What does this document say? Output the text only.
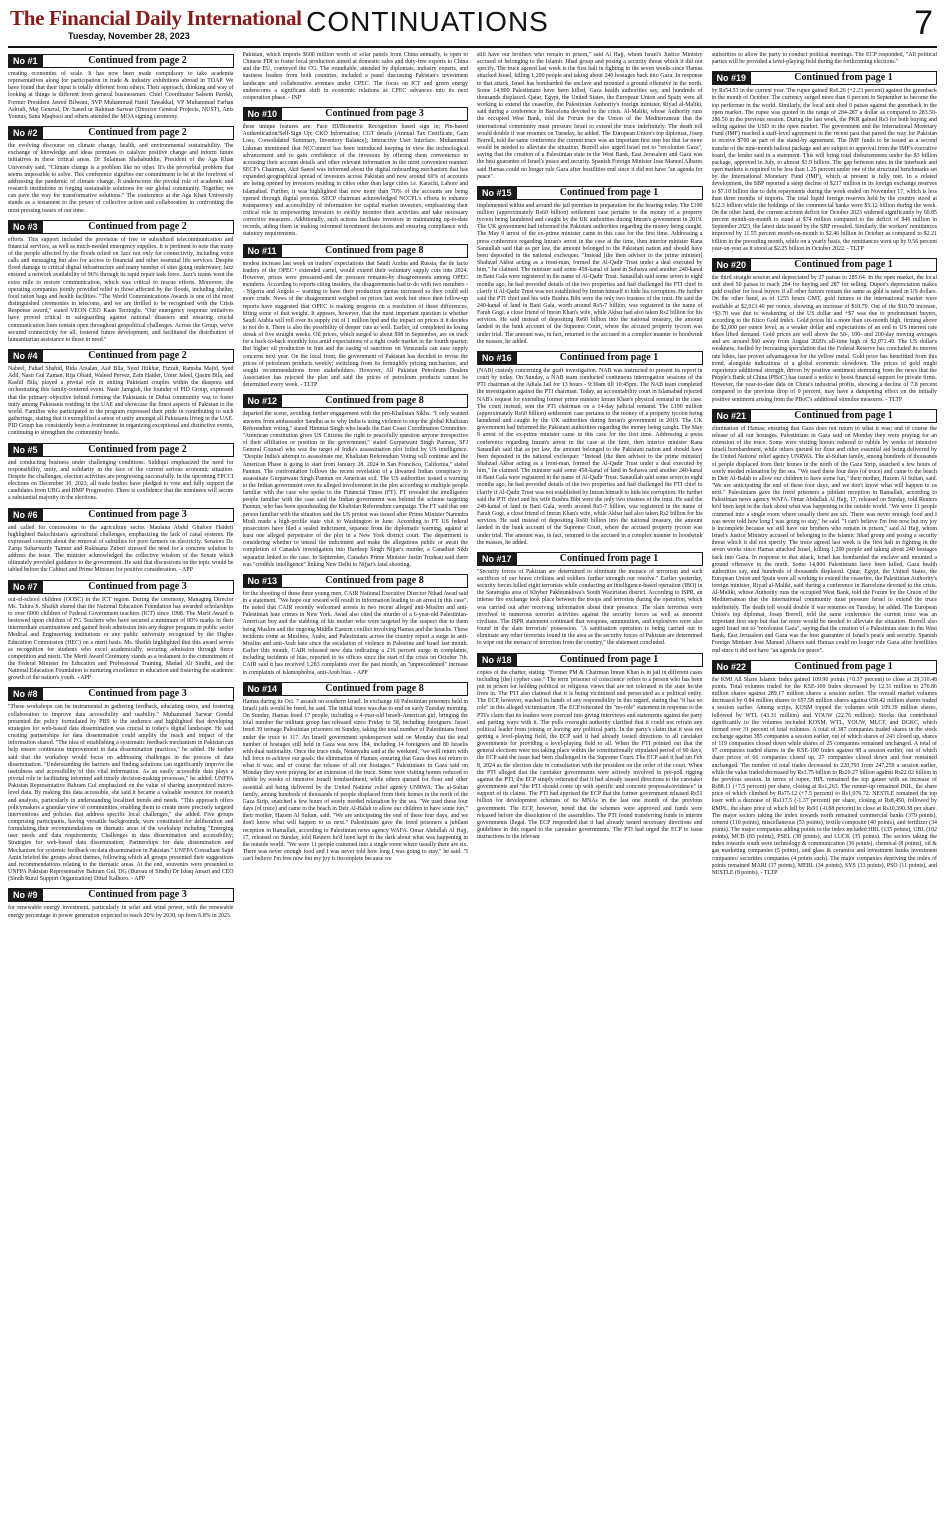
The Financial Daily International
Tuesday, November 28, 2023	CONTINUATIONS	7
No #1	Continued from page 2

creating economies of scale. It has now been made compulsory to take academia representatives along for participation in trade & industry exhibitions abroad in TDAP. We have found that their input is totally different from others. Their approach, thinking and way of looking at things is different from general businessmen. Chief Coordinator Saleem Parekh, Former President Jawed Bilwani, SVP Muhammad Hanif Tawakkal, VP Muhammad Farhan Ashrafi, Maj General, Dr. Saeed ur Rahman Sarwar (Director General Projects, NUST), Anis Younus, Sana Maqbool and others attended the MOA signing ceremony.

No #2	Continued from page 2

the evolving discourse on climate change, health, and environmental sustainability. The exchange of knowledge and ideas promises to catalyze positive change and inform future initiatives in these critical areas. Dr Sulaiman Shahabuddin, President of the Aga Khan University said, "Climate change is a problem like no other. It's the proverbial problem that seems impossible to solve. This conference signifies our commitment to be at the forefront of addressing the pandemic of climate change. It underscores the pivotal role of academic and research institutions in forging sustainable solutions for our global community. Together, we can pave the way for transformative solutions." The conference at the Aga Khan University stands as a testament to the power of collective action and collaboration in confronting the most pressing issues of our time.

No #3	Continued from page 2

efforts. This support included the provision of free or subsidized telecommunication and financial services, as well as much-needed emergency supplies. It is pertinent to note that many of the people affected by the floods relied on Jazz not only for connectivity, including voice calls and messaging but also for access to financial and other essential life services. Despite flood damage to critical digital infrastructure and many number of sites going underwater, Jazz ensured a network availability of 96% through its rapid repair task force. Jazz's teams went the extra mile to restore communication, which was critical to rescue efforts. Moreover, the operating companies jointly provided relief to those affected by the floods, including shelter, food ration bags and health facilities. "The World Communications Awards is one of the most distinguished ceremonies in telecoms, and we are thrilled to be recognised with the Crisis Response award," stated VEON CEO Kaan Terzioglu. "Our emergency response initiatives have proved critical in safeguarding against national disasters and ensuring crucial communication lines remain open throughout geopolitical challenges. Across the Group, we've secured connectivity for all, fostered future development, and facilitated the distribution of humanitarian assistance to those in need."

No #4	Continued from page 2

Nabeel, Fahad Shahid, Rida Arsalan, Asif Bila, Syed Iftikhar, Fizzah, Ramsha Majid, Syed Adil, Nasir Gul Zaman, Rija Obaid, Waleed Pervez, Zain Haider, Umer Jaleel, Qasim Bila, and Kashif Bila, played a pivotal role in uniting Pakistani couples within the diaspora and orchestrating this family-centered event. Nasir Jamgish, the founder of PID Group, expressed that the primary objective behind forming the Pakistanis in Dubai community was to foster unity among Pakistanis residing in the UAE and showcase the finest aspects of Pakistan to the world. Families who participated in the program expressed their pride in contributing to such gatherings, stating that it exemplified a sense of unity amongst all Pakistanis living in the UAE. PID Group has consistently been a frontrunner in organizing exceptional and distinctive events, continuing to strengthen the community bonds.

No #5	Continued from page 2

and conducting business under challenging conditions. Siddiqui emphasized the need for responsibility, unity, and solidarity in the face of the current serious economic situation. Despite the challenges, election activities are progressing successfully. In the upcoming FPCCI elections on December 30, 2023, all trade bodies have pledged to vote and fully support the candidates from UBG and BMP Progressive. There is confidence that the nominees will secure a substantial majority in the elections.

No #6	Continued from page 3

and called for concessions to the agriculture sector. Maulana Abdul Ghafoor Haideri highlighted Balochistan's agricultural challenges, emphasizing the lack of canal systems. He expressed concern about the removal of subsidies for poor farmers on electricity. Senators Dr. Zarqa Suharwardy Taimur and Rukhsana Zuberi stressed the need for a concrete solution to address the issue. The minister acknowledged the collective wisdom of the Senate which ultimately provided guidance to the government. He said that discussions on the topic would be tabled before the Cabinet and Prime Minister for positive consideration. - APP

No #7	Continued from page 3

out-of-school children (OOSC) in the ICT region. During the ceremony, Managing Director Ms. Tahira S. Shaikh shared that the National Education Foundation has awarded scholarships to over 6000 children of Federal Government teachers (ICT) since 1998. The Merit Award is bestowed upon children of FG Teachers who have secured a minimum of 80% marks in their intermediate examinations and gained fresh admission into any degree program in public sector Medical and Engineering institutions or any public university recognized by the Higher Education Commission (HEC) on a merit basis. Ms. Shaikh highlighted that this award serves as recognition for students who excel academically, securing admission through fierce competition and merit. The Merit Award Ceremony stands as a testament to the commitment of the Federal Minister for Education and Professional Training, Madad Ali Sindhi, and the National Education Foundation to nurturing excellence in education and fostering the academic growth of the nation's youth. - APP

No #8	Continued from page 3

"These workshops can be instrumental in gathering feedback, educating users, and fostering collaboration to improve data accessibility and usability." Muhammad Sarwar Gondal presented the policy formulated by PBS to the audience and highlighted that developing strategies for web-based data dissemination was crucial in today's digital landscape. He said creating partnerships for data dissemination could amplify the reach and impact of the information shared. "The idea of establishing a systematic feedback mechanism in Pakistan can help ensure continuous improvement in data dissemination practices," he added. He further said that the workshop would focus on addressing challenges in the process of data dissemination. "Understanding the barriers and finding solutions can significantly improve the usefulness and accessibility of this vital information. As an easily accessible data plays a pivotal role in facilitating informed and timely decision-making processes," he added. UNFPA Pakistan Representative Bahram Gul emphasized on the value of sharing anonymized micro-level data. By making this data accessible, she said it became a valuable resource for research and analysis, particularly in understanding localized trends and needs. "This approach offers policymakers a granular view of communities, enabling them to create more precisely targeted interventions and policies that address specific local challenges," she added. Five groups comprising participants, having versatile backgrounds, were constituted for deliberation and formulating their recommendations on thematic areas of the workshop including "Emerging user needs and data requirements; Challenges in data dissemination and accessibility; Strategies for web-based data dissemination; Partnerships for data dissemination and Mechanism for systemic feedback on data dissemination in Pakistan." UNFPA Consultant Sajid Amin briefed the groups about themes, following which all groups presented their suggestions and recommendations relating to the thematic areas. At the end, souvenirs were presented to UNFPA Pakistan Representative Bahram Gul, DG (Bureau of Sindh) Dr Ishaq Ansari and CEO (Sindh Rural Support Organization) Dittal Kalhoro. - APP

No #9	Continued from page 3

for renewable energy investment, particularly in solar and wind power, with the renewable energy percentage in power generation expected to reach 20% by 2030, up from 6.8% in 2023.

Pakistan, which imports $600 million worth of solar panels from China annually, is open to Chinese FDI to foster local production aimed at domestic sales and duty-free exports to China and the EU, conveyed the CG. The roundtable, attended by diplomats, industry experts, and business leaders from both countries, included a panel discussing Pakistan's investment landscape and collaborative avenues under CPEC. The focus on ICT and green energy underscores a significant shift in economic relations as CPEC advances into its next cooperation phase. - INP

No #10	Continued from page 3

these unique features are: Face ID/Biometric Recognition based sign in; Pin-based Authentication/Self-Sign Up; CKO Information; CGT details (Annual Tax Certificate, Gain Loss, Consolidated Summary, Inventory Balance); Interactive User Interface. Muhammad Lukman mentioned that NCConnect has been introduced keeping in view the technological advancement and to gain confidence of the investors by offering them convenience in accessing their account details and other relevant information in the most convenient manner. SECP's Chairman, Akif Saeed was informed about the digital onboarding mechanism that has expanded geographical spread of investors across Pakistan and now around 60% of accounts are being opened by investors residing in cities other than large cities i.e. Karachi, Lahore and Islamabad. Further, it was highlighted that now more than 70% of the accounts are being opened through digital process. SECP chairman acknowledged NCCPL's efforts to enhance transparency and accessibility of information for capital market investors, emphasizing their critical role in empowering investors to swiftly monitor their activities and take necessary corrective measures. Additionally, such actions facilitate investors in maintaining up-to-date records, aiding them in making informed investment decisions and ensuring compliance with statutory requirements.

No #11	Continued from page 8

modest increase last week on traders' expectations that Saudi Arabia and Russia, the de facto leaders of the OPEC+ extended cartel, would extend their voluntary supply cuts into 2024. However, prices were pressured-and the pressure remains-by disagreements among OPEC members. According to reports citing insiders, the disagreements had to do with two members -- Nigeria and Angola -- wanting to have their production quotas increased so they could sell more crude. News of the disagreement weighed on prices last week but since then follow-up reports have suggested that OPEC is making progress on a resolution of these differences, lifting some of that weight. It appears, however, that the most important question is whether Saudi Arabia will roll over its supply cut of 1 million bpd and the impact on prices if it decides to not do it. There is also the possibility of deeper cuts as well. Earlier, oil completed its losing streak of five straight weeks. Oil prices, which surged to about $98 in September, are on track for a back-to-back monthly loss amid expectations of a tight crude market in the fourth quarter. But higher oil production in Iran and the easing of sanctions on Venezuela can ease supply concerns next year. On the local front, the government of Pakistan has decided to revise the prices of petroleum products weekly; switching from its fortnightly pricing mechanism, and sought recommendations from stakeholders. However, All Pakistan Petroleum Dealers Association has rejected the plan and said the prices of petroleum products cannot be determined every week. - TLTP

No #12	Continued from page 8

departed the scene, avoiding further engagement with the pro-Khalistan Sikhs. "I only wanted answers from ambassador Sandhu as to why India is using violence to stop the global Khalistan Referendum voting," stated Himmat Singh who heads the East Coast Coordination Committee. "American constitution gives US Citizens the right to peacefully question anyone irrespective of their affiliation or position in the government," stated Gurpatwant Singh Pannun, SFJ General Counsel who was the target of India's assassination plot foiled by US intelligence. "Despite India's attempt to assassinate me, Khalistan Referendum Voting will continue and the American Phase is going to start from January 28, 2024 in San Francisco, California," stated Pannun. The confrontation follows the recent revelation of a thwarted Indian conspiracy to assassinate Gurpatwant Singh Pannun on American soil. The US authorities issued a warning to the Indian government over its alleged involvement in the plot according to multiple people familiar with the case who spoke to the Financial Times (FT). FT revealed the intelligence people familiar with the case said the Indian government was behind the scheme targeting Pannun, who has been spearheading the Khalistan Referendum campaign. The FT said that one person familiar with the situation said the US protest was issued after Prime Minister Narendra Modi made a high-profile state visit to Washington in June. According to FT US federal prosecutors have filed a sealed indictment, separate from the diplomatic warning, against at least one alleged perpetrator of the plot in a New York district court. The department is considering whether to unseal the indictment and make the allegations public or await the completion of Canada's investigation into Hardeep Singh Nijjar's murder, a Canadian Sikh separatist linked to the case. In September, Canada's Prime Minister Justin Trudeau said there was "credible intelligence" linking New Delhi to Nijjar's fatal shooting.

No #13	Continued from page 8

for the shooting of these three young men, CAIR National Executive Director Nihad Awad said in a statement. "We hope our reward will result in information leading to an arrest in this case". He noted that CAIR recently welcomed arrests in two recent alleged anti-Muslim and anti-Palestinian hate crimes in New York. Awad also cited the murder of a 6-year-old Palestinian-American boy and the stabbing of his mother who were targeted by the suspect due to them being Muslim and the ongoing Middle Eastern conflict involving Hamas and the Israelis. These incidents come as Muslims, Arabs, and Palestinians across the country report a surge in anti-Muslim and anti-Arab hate since the escalation of violence in Palestine and Israel last month. Earlier this month, CAIR released new data indicating a 216 percent surge in complaints, including incidents of bias, reported to its offices since the start of the crisis on October 7th. CAIR said it has received 1,283 complaints over the past month, an "unprecedented" increase in complaints of Islamophobia, anti-Arab bias. - APP

No #14	Continued from page 8

Hamas during its Oct. 7 assault on southern Israel. In exchange 60 Palestinian prisoners held in Israeli jails would be freed, he said. The initial truce was due to end on early Tuesday morning. On Sunday, Hamas freed 17 people, including a 4-year-old Israeli-American girl, bringing the total number the militant group has released since Friday to 58, including foreigners. Israel freed 39 teenage Palestinian prisoners on Sunday, taking the total number of Palestinians freed under the truce to 117. An Israeli government spokesperson said on Monday that the total number of hostages still held in Gaza was now 184, including 14 foreigners and 80 Israelis with dual nationality. Once the truce ends, Netanyahu said at the weekend, "we will return with full force to achieve our goals: the elimination of Hamas; ensuring that Gaza does not return to what it was; and of course the release of all our hostages." Palestinians in Gaza said on Monday they were praying for an extension of the truce. Some were visiting homes reduced to rubble by weeks of intensive Israeli bombardment, while others queued for flour and other essential aid being delivered by the United Nations' relief agency UNRWA. The al-Sultan family, among hundreds of thousands of people displaced from their homes in the north of the Gaza Strip, snatched a few hours of sorely needed relaxation by the sea. "We used these four days (of truce) and came to the beach in Deir Al-Balah to allow our children to have some fun," their mother, Hazem Al Sultan, said. "We are anticipating the end of these four days, and we don't know what will happen to us next." Palestinians gave the freed prisoners a jubilant reception in Ramallah, according to Palestinian news agency WAFA. Omar Abdullah Al Hajj, 17, released on Sunday, told Reuters he'd been kept in the dark about what was happening in the outside world. "We were 11 people crammed into a single room where usually there are six. There was never enough food and I was never told how long I was going to stay," he said. "I can't believe I'm free now but my joy is incomplete because we

still have our brothers who remain in prison," said Al Hajj, whom Israel's Justice Ministry accused of belonging to the Islamic Jihad group and posing a security threat which it did not specify. The truce agreed last week is the first halt in fighting in the seven weeks since Hamas attacked Israel, killing 1,200 people and taking about 240 hostages back into Gaza. In response to that attack, Israel has bombarded the enclave and mounted a ground offensive in the north. Some 14,800 Palestinians have been killed, Gaza health authorities say, and hundreds of thousands displaced. Qatar, Egypt, the United States, the European Union and Spain were all working to extend the ceasefire, the Palestinian Authority's foreign minister, Riyad al-Maliki, said during a conference in Barcelona devoted to the crisis. Al-Maliki, whose Authority runs the occupied West Bank, told the Forum for the Union of the Mediterranean that the international community must pressure Israel to extend the truce indefinitely. The death toll would double if war resumes on Tuesday, he added. The European Union's top diplomat, Josep Borrell, told the same conference the current truce was an important first step but that far more would be needed to alleviate the situation. Borrell also urged Israel not to "recolonise Gaza", saying that the creation of a Palestinian state in the West Bank, East Jerusalem and Gaza was the best guarantee of Israel's peace and security. Spanish Foreign Minister Jose Manuel Albares said Hamas could no longer rule Gaza after hostilities end since it did not have "an agenda for peace".

No #15	Continued from page 1

implemented within and around the jail premises in preparation for the hearing today. The £190 million (approximately Rs60 billion) settlement case pertains to the money of a property tycoon being laundered and caught by the UK authorities during Imran's government in 2019. The UK government had informed the Pakistani authorities regarding the money being caught. The May 9 arrest of the ex-prime minister came in this case for the first time. Addressing a press conference regarding Imran's arrest in the case at the time, then interior minister Rana Sanaullah said that as per law, the amount belonged to the Pakistani nation and should have been deposited in the national exchequer. "Instead [the then advisor to the prime minister] Shahzad Akbar acting as a front-man, formed the Al-Qadir Trust under a deal executed by him," he claimed. The minister said some 458-kanal of land in Sohawa and another 240-kanal in Bani Gala were registered in the name of Al-Qadir Trust. Sanaullah said some seven to eight months ago, he had provided details of the two properties and had challenged the PTI chief to clarify if Al-Qadir Trust was not established by Imran himself to hide his corruption. He further said the PTI chief and his wife Bushra Bibi were the only two trustees of the trust. He said the 240-kanal of land in Bani Gala, worth around Rs5-7 billion, was registered in the name of Farah Gogi, a close friend of Imran Khan's wife, while Akbar had also taken Rs2 billion for his services. He said instead of depositing Rs60 billion into the national treasury, the amount landed in the bank account of the Supreme Court, where the accused property tycoon was under trial. The amount was, in fact, returned to the accused in a complex manner to hoodwink the masses, he added.

No #16	Continued from page 1

(NAB) custody concerning the graft investigation. NAB was instructed to present its report in court by today. On Sunday, a NAB team conducted continuous interrogation sessions of the PTI chairman at the Adiala Jail for 13 hours - 9:30am till 10:45pm. The NAB team completed the investigation against the PTI chairman. Today, an accountability court in Islamabad rejected NAB's request for extending former prime minister Imran Khan's physical remand in the case. The court instead, sent the PTI chairman on a 14-day judicial remand. The £190 million (approximately Rs60 billion) settlement case pertains to the money of a property tycoon being laundered and caught by the UK authorities during Imran's government in 2019. The UK government had informed the Pakistani authorities regarding the money being caught. The May 9 arrest of the ex-prime minister came in this case for the first time. Addressing a press conference regarding Imran's arrest in the case at the time, then interior minister Rana Sanaullah said that as per law, the amount belonged to the Pakistani nation and should have been deposited in the national exchequer. "Instead [the then advisor to the prime minister] Shahzad Akbar acting as a front-man, formed the Al-Qadir Trust under a deal executed by him," he claimed. The minister said some 458-kanal of land in Sohawa and another 240-kanal in Bani Gala were registered in the name of Al-Qadir Trust. Sanaullah said some seven to eight months ago, he had provided details of the two properties and had challenged the PTI chief to clarify if Al-Qadir Trust was not established by Imran himself to hide his corruption. He further said the PTI chief and his wife Bushra Bibi were the only two trustees of the trust. He said the 240-kanal of land in Bani Gala, worth around Rs5-7 billion, was registered in the name of Farah Gogi, a close friend of Imran Khan's wife, while Akbar had also taken Rs2 billion for his services. He said instead of depositing Rs60 billion into the national treasury, the amount landed in the bank account of the Supreme Court, where the accused property tycoon was under trial. The amount was, in fact, returned to the accused in a complex manner to hoodwink the masses, he added.

No #17	Continued from page 1

"Security forces of Pakistan are determined to eliminate the menace of terrorism and such sacrifices of our brave civilians and soldiers further strength our resolve." Earlier yesterday, security forces killed eight terrorists while conducting an intelligence-based operation (IBO) in the Sararogha area of Khyber Pakhtunkhwa's South Waziristan district. According to ISPR, an intense fire exchange took place between the troops and terrorists during the operation, which was carried out after receiving information about their presence. The slain terrorists were involved in numerous terrorist activities against the security forces as well as innocent civilians. The ISPR statement continued that weapons, ammunition, and explosives were also found in the slain terrorists' possession. "A sanitisation operation is being carried out to eliminate any other terrorists found in the area as the security forces of Pakistan are determined to wipe out the menace of terrorism from the country," the statement concluded.

No #18	Continued from page 1

copies of the charter, stating: "Former PM & Chairman Imran Khan is in jail in different cases including [the] cypher case." The term 'prisoner of conscience' refers to a person who has been put in prison for holding political or religious views that are not tolerated in the state he/she lives in. The PTI also claimed that it is being victimised and persecuted as a political entity. The ECP, however, washed its hands of any responsibility in this regard, stating that "it has no role" in this alleged victimisation. The ECP reiterated the "no-role" statement in response to the PTI's claim that its leaders were coerced into giving interviews and statements against the party and parting ways with it. The polls oversight authority clarified that it could not refrain any political leader from joining or leaving any political party. In the party's claim that it was not getting a level-playing field, the ECP said it had already issued directions to all caretaker governments for providing a level-playing field to all. When the PTI pointed out that the general elections were not taking place within the constitutionally stipulated period of 90 days, the ECP said the issue had been challenged in the Supreme Court. The ECP said it had set Feb 8, 2024 as the election date in consultation with the president on the order of the court. When the PTI alleged that the caretaker governments were actively involved in pre-poll rigging against the PTI, the ECP simply reiterated that it had already issued directions to the caretaker governments and "the PTI should come up with specific and concrete proposals/evidence" in support of its claims. The PTI had apprised the ECP that the former government released Rs51 billion for development schemes of its MNAs in the last one month of the previous government. The ECP, however, noted that the schemes were approved and funds were released before the dissolution of the assemblies. The PTI found transferring funds to interim governments illegal. The ECP responded that it had already issued necessary directions and guidelines in this regard to the caretaker governments. The PTI had urged the ECP to issue instructions to the relevant

authorities to allow the party to conduct political meetings. The ECP responded, "All political parties will be provided a level-playing field during the forthcoming elections."

No #19	Continued from page 1

by Rs54.53 in the current year. The rupee gained Rs6.26 (+2.23 percent) against the greenback in the month of October. The currency surged more than 6 percent in September to become the top performer in the world. Similarly, the local unit shed 0 paisas against the greenback in the open market. The rupee was quoted in the range of 284-287 a dollar as compared to 283.50-286.50 in the previous session. During the last week, the PKR gained Rs3 for both buying and selling against the USD in the open market. The government and the International Monetary Fund (IMF) reached a staff-level agreement in the recent past that paved the way for Pakistan to receive $700 as part of the stand-by agreement. The IMF funds to be issued as a second tranche of the nine-month bailout package and are subject to approval from the IMF's executive board, the lender said in a statement. This will bring total disbursements under the $3 billion package, approved in July, to almost $1.9 billion. The gap between rates in the interbank and open markets is required to be less than 1.25 percent under one of the structural benchmarks set by the International Monetary Fund (IMF), which at present is fully met. In a related development, the SBP reported a steep decline of $217 million in its foreign exchange reserves to $7.18 billion due to debt repayments during the week ended on November 17, which is less than three months of imports. The total liquid foreign reserves held by the country stood at $12.3 billion while the holdings of the commercial banks were $5.12 billion during the week. On the other hand, the current account deficit for October 2023 widened significantly by 60.85 percent month-on-month to stand at $74 million compared to the deficit of $46 million in September 2023, the latest data issued by the SBP revealed. Similarly, the workers' remittances improved by 11.55 percent month-on-month to $2.46 billion in October as compared to $2.21 billion in the preceding month, while on a yearly basis, the remittances went up by 9.56 percent year-on-year as it stood at $2.25 billion in October 2022. - TLTP

No #20	Continued from page 1

the third straight session and depreciated by 27 paisas to 285.64. In the open market, the local unit shed 50 paisas to reach 284 for buying and 287 for selling. Dupee's depreciation makes gold costlier for local buyers if all other factors remain the same as gold is rated in US dollars. On the other hand, as of 1255 hours GMT, gold futures in the international market were available at $2,013.40 per ounce, showing an increase of $10.70. Out of the $10.70 increase, +$3.70 was due to weakening of the US dollar and +$7 was due to predominant buyers, according to the Kitco Gold Index. Gold prices hit a more than six-month high, firming above the $2,000 per ounce level, as a weaker dollar and expectations of an end to US interest rate hikes lifted demand. Gold prices are well above the 50-, 100- and 200-day moving averages and are around $60 away from August 2020's all-time high of $2,072.49. The US dollar's weakness, fuelled by increasing speculation that the Federal Reserve has concluded its interest rate hikes, has proven advantageous for the yellow metal. Gold price has benefitted from this trend, alongside indications of a global economic slowdown. The prices of gold might experience additional strength, driven by positive sentiment stemming from the news that the People's Bank of China (PBoC) has issued a notice to boost financial support for private firms. However, the year-to-date data on China's industrial profits, showing a decline of 7.8 percent compared to the previous drop of 9 percent, may have a dampening effect on the initially positive sentiment arising from the PBoC's additional stimulus measures. - TLTP

No #21	Continued from page 1

elimination of Hamas; ensuring that Gaza does not return to what it was; and of course the release of all our hostages. Palestinians in Gaza said on Monday they were praying for an extension of the truce. Some were visiting homes reduced to rubble by weeks of intensive Israeli bombardment, while others queued for flour and other essential aid being delivered by the United Nations' relief agency UNRWA. The al-Sultan family, among hundreds of thousands of people displaced from their homes in the north of the Gaza Strip, snatched a few hours of sorely needed relaxation by the sea. "We used these four days (of truce) and came to the beach in Deir Al-Balah to allow our children to have some fun," their mother, Hazem Al Sultan, said. "We are anticipating the end of these four days, and we don't know what will happen to us next." Palestinians gave the freed prisoners a jubilant reception in Ramallah, according to Palestinian news agency WAFA. Omar Abdullah Al Hajj, 17, released on Sunday, told Reuters he'd been kept in the dark about what was happening in the outside world. "We were 11 people crammed into a single room where usually there are six. There was never enough food and I was never told how long I was going to stay," he said. "I can't believe I'm free now but my joy is incomplete because we still have our brothers who remain in prison," said Al Hajj, whom Israel's Justice Ministry accused of belonging to the Islamic Jihad group and posing a security threat which it did not specify. The truce agreed last week is the first halt in fighting in the seven weeks since Hamas attacked Israel, killing 1,200 people and taking about 240 hostages back into Gaza. In response to that attack, Israel has bombarded the enclave and mounted a ground offensive in the north. Some 14,800 Palestinians have been killed, Gaza health authorities say, and hundreds of thousands displaced. Qatar, Egypt, the United States, the European Union and Spain were all working to extend the ceasefire, the Palestinian Authority's foreign minister, Riyad al-Maliki, said during a conference in Barcelona devoted to the crisis. Al-Maliki, whose Authority runs the occupied West Bank, told the Forum for the Union of the Mediterranean that the international community must pressure Israel to extend the truce indefinitely. The death toll would double if war resumes on Tuesday, he added. The European Union's top diplomat, Josep Borrell, told the same conference the current truce was an important first step but that far more would be needed to alleviate the situation. Borrell also urged Israel not to "recolonise Gaza", saying that the creation of a Palestinian state in the West Bank, East Jerusalem and Gaza was the best guarantee of Israel's peace and security. Spanish Foreign Minister Jose Manuel Albares said Hamas could no longer rule Gaza after hostilities end since it did not have "an agenda for peace".

No #22	Continued from page 1

the KMI All Share Islamic Index gained 109.90 points (+0.37 percent) to close at 29,310.48 points. Total volumes traded for the KSE-100 Index decreased by 12.31 million to 276.86 million shares against 289.17 million shares a session earlier. The overall market volumes decreased by 0.84 million shares to 657.58 million shares against 658.42 million shares traded a session earlier. Among scrips, KOSM topped the volumes with 109.39 million shares, followed by WTL (43.31 million) and YOUW (22.76 million). Stocks that contributed significantly to the volumes included KOSM, WTL, YOUW, MLCF, and DGKC, which formed over 31 percent of total volumes. A total of 387 companies traded shares in the stock exchange against 385 companies a session earlier, out of which shares of 243 closed up, shares of 119 companies closed down while shares of 25 companies remained unchanged. A total of 97 companies traded shares in the KSE-100 Index against 98 a session earlier, out of which share prices of 66 companies closed up, 27 companies closed down and four remained unchanged. The number of total trades decreased to 220,793 from 247,259 a session earlier, while the value traded decreased by Rs1.75 billion to Rs20.27 billion against Rs22.02 billion in the previous session. In terms of rupee, HPL remained the top gainer with an increase of Rs88.11 (+7.5 percent) per share, closing at Rs1,263. The runner-up remained INIL, the share price of which climbed by Rs75.12 (+7.5 percent) to Rs1,076.72. NESTLE remained the top loser with a decrease of Rs117.5 (-1.37 percent) per share, closing at Rs8,450, followed by RMPL, the share price of which fell by Rs91 (-0.88 percent) to close at Rs10,390.38 per share. The major sectors taking the index towards north remained commercial banks (379 points), cement (110 points), miscellaneous (53 points), textile composite (40 points), and fertilizer (34 points). The major companies adding points to the index included HBL (135 points), UBL (102 points), MCB (83 points), PSEL (38 points), and LUCK (35 points). The sectors taking the index towards south were technology & communication (36 points), chemical (8 points), oil & gas marketing companies (5 points), and glass & ceramics and investment banks investment companies/ securities companies (4 points each). The major companies depriving the index of points remained MARI (37 points), MEBL (34 points), SYS (33 points), PSO (11 points), and NESTLE (8 points). - TLTP
